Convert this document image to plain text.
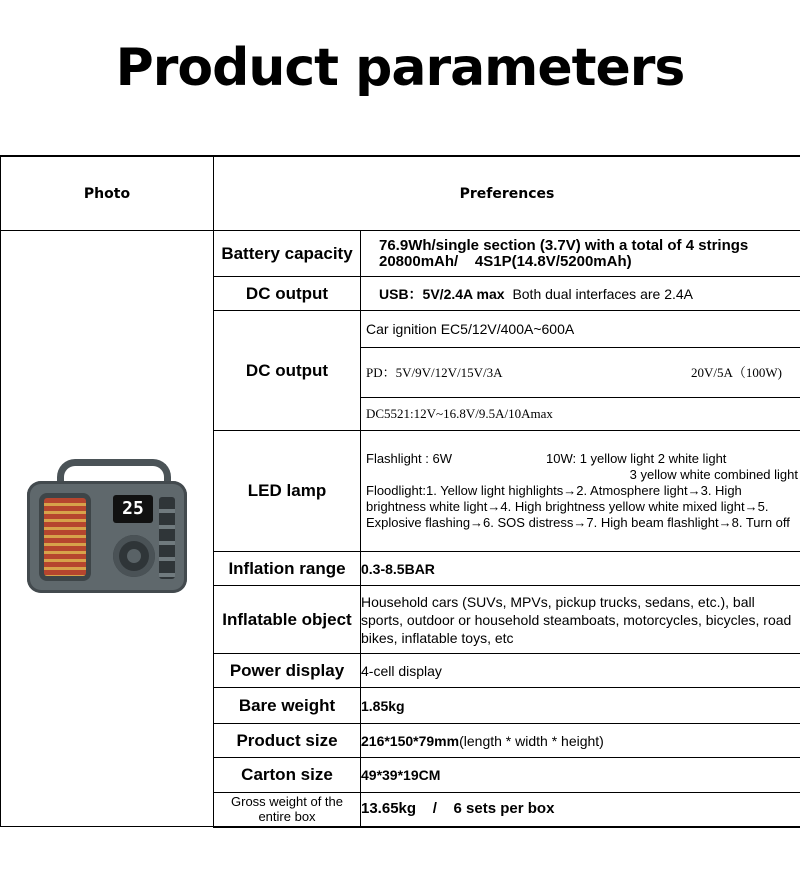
Product parameters
Photo	Preferences	

25	Battery capacity	76.9Wh/single section (3.7V) with a total of 4 strings
20800mAh/    4S1P(14.8V/5200mAh)

	DC output	USB：5V/2.4A max Both dual interfaces are 2.4A
	DC output	Car ignition EC5/12V/400A~600A
PD：5V/9V/12V/15V/3A 20V/5A（100W)
DC5521:12V~16.8V/9.5A/10Amax

	LED lamp	Flashlight : 6W 10W: 1 yellow light 2 white light
3 yellow white combined light
Floodlight:1. Yellow light highlights→2. Atmosphere light→3. High brightness white light→4. High brightness yellow white mixed light→5. Explosive flashing→6. SOS distress→7. High beam flashlight→8. Turn off

	Inflation range	0.3-8.5BAR
	Inflatable object	Household cars (SUVs, MPVs, pickup trucks, sedans, etc.), ball sports, outdoor or household steamboats, motorcycles, bicycles, road bikes, inflatable toys, etc
	Power display	4-cell display
	Bare weight	1.85kg
	Product size	216*150*79mm(length * width * height)
	Carton size	49*39*19CM
	Gross weight of the entire box	13.65kg    /    6 sets per box
